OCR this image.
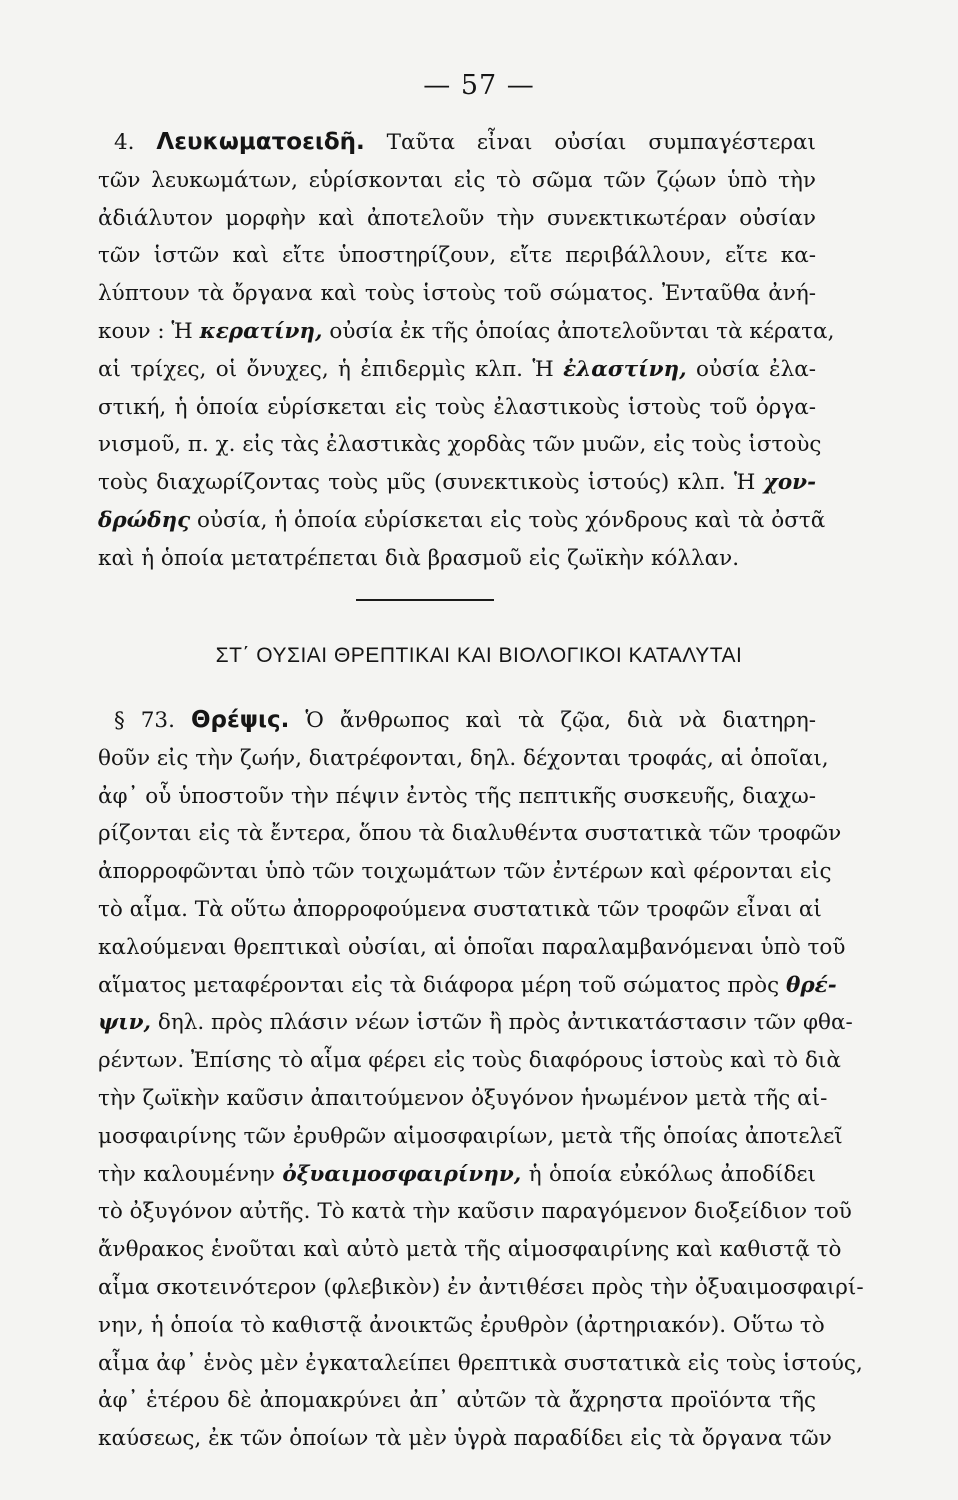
— 57 —
4. Λευκωματοειδῆ. Ταῦτα εἶναι οὐσίαι συμπαγέστεραι
τῶν λευκωμάτων, εὑρίσκονται εἰς τὸ σῶμα τῶν ζῴων ὑπὸ τὴν
ἀδιάλυτον μορφὴν καὶ ἀποτελοῦν τὴν συνεκτικωτέραν οὐσίαν
τῶν ἱστῶν καὶ εἴτε ὑποστηρίζουν, εἴτε περιβάλλουν, εἴτε κα-
λύπτουν τὰ ὄργανα καὶ τοὺς ἱστοὺς τοῦ σώματος. Ἐνταῦθα ἀνή-
κουν : Ἡ κερατίνη, οὐσία ἐκ τῆς ὁποίας ἀποτελοῦνται τὰ κέρατα,
αἱ τρίχες, οἱ ὄνυχες, ἡ ἐπιδερμὶς κλπ. Ἡ ἐλαστίνη, οὐσία ἐλα-
στική, ἡ ὁποία εὑρίσκεται εἰς τοὺς ἐλαστικοὺς ἱστοὺς τοῦ ὀργα-
νισμοῦ, π. χ. εἰς τὰς ἐλαστικὰς χορδὰς τῶν μυῶν, εἰς τοὺς ἱστοὺς
τοὺς διαχωρίζοντας τοὺς μῦς (συνεκτικοὺς ἱστούς) κλπ. Ἡ χον-
δρώδης οὐσία, ἡ ὁποία εὑρίσκεται εἰς τοὺς χόνδρους καὶ τὰ ὀστᾶ
καὶ ἡ ὁποία μετατρέπεται διὰ βρασμοῦ εἰς ζωϊκὴν κόλλαν.
ΣΤ΄ ΟΥΣΙΑΙ ΘΡΕΠΤΙΚΑΙ ΚΑΙ ΒΙΟΛΟΓΙΚΟΙ ΚΑΤΑΛΥΤΑΙ
§ 73. Θρέψις. Ὁ ἄνθρωπος καὶ τὰ ζῷα, διὰ νὰ διατηρη-
θοῦν εἰς τὴν ζωήν, διατρέφονται, δηλ. δέχονται τροφάς, αἱ ὁποῖαι,
ἀφ᾽ οὗ ὑποστοῦν τὴν πέψιν ἐντὸς τῆς πεπτικῆς συσκευῆς, διαχω-
ρίζονται εἰς τὰ ἔντερα, ὅπου τὰ διαλυθέντα συστατικὰ τῶν τροφῶν
ἀπορροφῶνται ὑπὸ τῶν τοιχωμάτων τῶν ἐντέρων καὶ φέρονται εἰς
τὸ αἷμα. Τὰ οὕτω ἀπορροφούμενα συστατικὰ τῶν τροφῶν εἶναι αἱ
καλούμεναι θρεπτικαὶ οὐσίαι, αἱ ὁποῖαι παραλαμβανόμεναι ὑπὸ τοῦ
αἵματος μεταφέρονται εἰς τὰ διάφορα μέρη τοῦ σώματος πρὸς θρέ-
ψιν, δηλ. πρὸς πλάσιν νέων ἱστῶν ἢ πρὸς ἀντικατάστασιν τῶν φθα-
ρέντων. Ἐπίσης τὸ αἷμα φέρει εἰς τοὺς διαφόρους ἱστοὺς καὶ τὸ διὰ
τὴν ζωϊκὴν καῦσιν ἀπαιτούμενον ὀξυγόνον ἡνωμένον μετὰ τῆς αἱ-
μοσφαιρίνης τῶν ἐρυθρῶν αἱμοσφαιρίων, μετὰ τῆς ὁποίας ἀποτελεῖ
τὴν καλουμένην ὀξυαιμοσφαιρίνην, ἡ ὁποία εὐκόλως ἀποδίδει
τὸ ὀξυγόνον αὐτῆς. Τὸ κατὰ τὴν καῦσιν παραγόμενον διοξείδιον τοῦ
ἄνθρακος ἑνοῦται καὶ αὐτὸ μετὰ τῆς αἱμοσφαιρίνης καὶ καθιστᾷ τὸ
αἷμα σκοτεινότερον (φλεβικὸν) ἐν ἀντιθέσει πρὸς τὴν ὀξυαιμοσφαιρί-
νην, ἡ ὁποία τὸ καθιστᾷ ἀνοικτῶς ἐρυθρὸν (ἀρτηριακόν). Οὕτω τὸ
αἷμα ἀφ᾽ ἑνὸς μὲν ἐγκαταλείπει θρεπτικὰ συστατικὰ εἰς τοὺς ἱστούς,
ἀφ᾽ ἑτέρου δὲ ἀπομακρύνει ἀπ᾽ αὐτῶν τὰ ἄχρηστα προϊόντα τῆς
καύσεως, ἐκ τῶν ὁποίων τὰ μὲν ὑγρὰ παραδίδει εἰς τὰ ὄργανα τῶν
